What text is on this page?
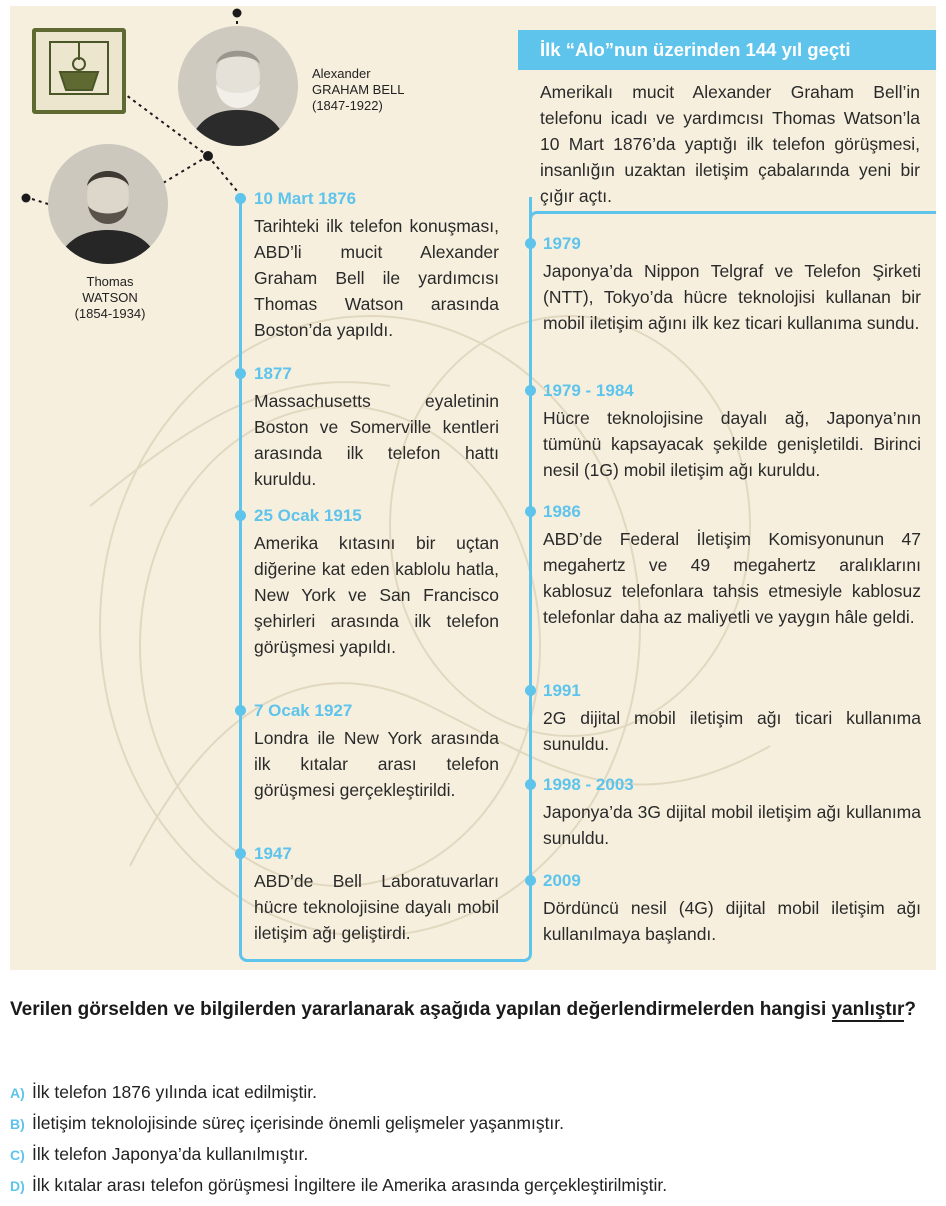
Alexander
GRAHAM BELL
(1847-1922)
Thomas
WATSON
(1854-1934)
İlk “Alo”nun üzerinden 144 yıl geçti
Amerikalı mucit Alexander Graham Bell’in telefonu icadı ve yardımcısı Thomas Watson’la 10 Mart 1876’da yaptığı ilk telefon görüşmesi, insanlığın uzaktan iletişim çabalarında yeni bir çığır açtı.
10 Mart 1876
Tarihteki ilk telefon konuşması, ABD’li mucit Alexander Graham Bell ile yardımcısı Thomas Watson arasında Boston’da yapıldı.
1877
Massachusetts eyaletinin Boston ve Somerville kentleri arasında ilk telefon hattı kuruldu.
25 Ocak 1915
Amerika kıtasını bir uçtan diğerine kat eden kablolu hatla, New York ve San Francisco şehirleri arasında ilk telefon görüşmesi yapıldı.
7 Ocak 1927
Londra ile New York arasında ilk kıtalar arası telefon görüşmesi gerçekleştirildi.
1947
ABD’de Bell Laboratuvarları hücre teknolojisine dayalı mobil iletişim ağı geliştirdi.
1979
Japonya’da Nippon Telgraf ve Telefon Şirketi (NTT), Tokyo’da hücre teknolojisi kullanan bir mobil iletişim ağını ilk kez ticari kullanıma sundu.
1979 - 1984
Hücre teknolojisine dayalı ağ, Japonya’nın tümünü kapsayacak şekilde genişletildi. Birinci nesil (1G) mobil iletişim ağı kuruldu.
1986
ABD’de Federal İletişim Komisyonunun 47 megahertz ve 49 megahertz aralıklarını kablosuz telefonlara tahsis etmesiyle kablosuz telefonlar daha az maliyetli ve yaygın hâle geldi.
1991
2G dijital mobil iletişim ağı ticari kullanıma sunuldu.
1998 - 2003
Japonya’da 3G dijital mobil iletişim ağı kullanıma sunuldu.
2009
Dördüncü nesil (4G) dijital mobil iletişim ağı kullanılmaya başlandı.
Verilen görselden ve bilgilerden yararlanarak aşağıda yapılan değerlendirmelerden hangisi yanlıştır?
A) İlk telefon 1876 yılında icat edilmiştir.
B) İletişim teknolojisinde süreç içerisinde önemli gelişmeler yaşanmıştır.
C) İlk telefon Japonya’da kullanılmıştır.
D) İlk kıtalar arası telefon görüşmesi İngiltere ile Amerika arasında gerçekleştirilmiştir.
